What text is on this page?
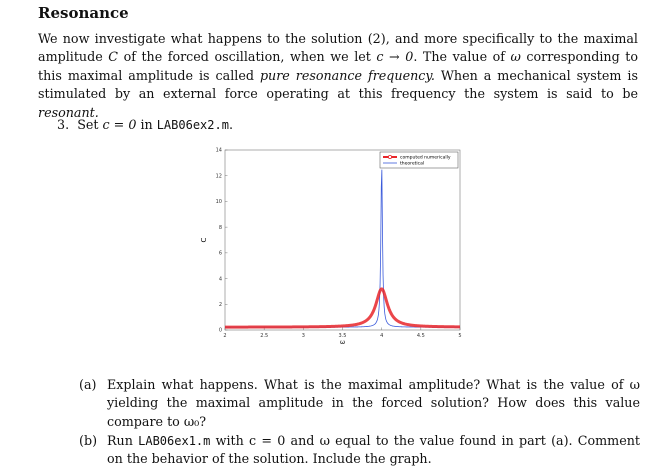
Resonance
We now investigate what happens to the solution (2), and more specifically to the maximal amplitude C of the forced oscillation, when we let c → 0. The value of ω corresponding to this maximal amplitude is called pure resonance frequency. When a mechanical system is stimulated by an external force operating at this frequency the system is said to be resonant.
3. Set c = 0 in LAB06ex2.m.
2	2.5	3	3.5	4	4.5	5
0
2
4
6
8
10
12
14
C
ω
computed numerically
theoretical
(a) Explain what happens. What is the maximal amplitude? What is the value of ω yielding the maximal amplitude in the forced solution? How does this value compare to ω₀?
(b) Run LAB06ex1.m with c = 0 and ω equal to the value found in part (a). Comment on the behavior of the solution. Include the graph.
